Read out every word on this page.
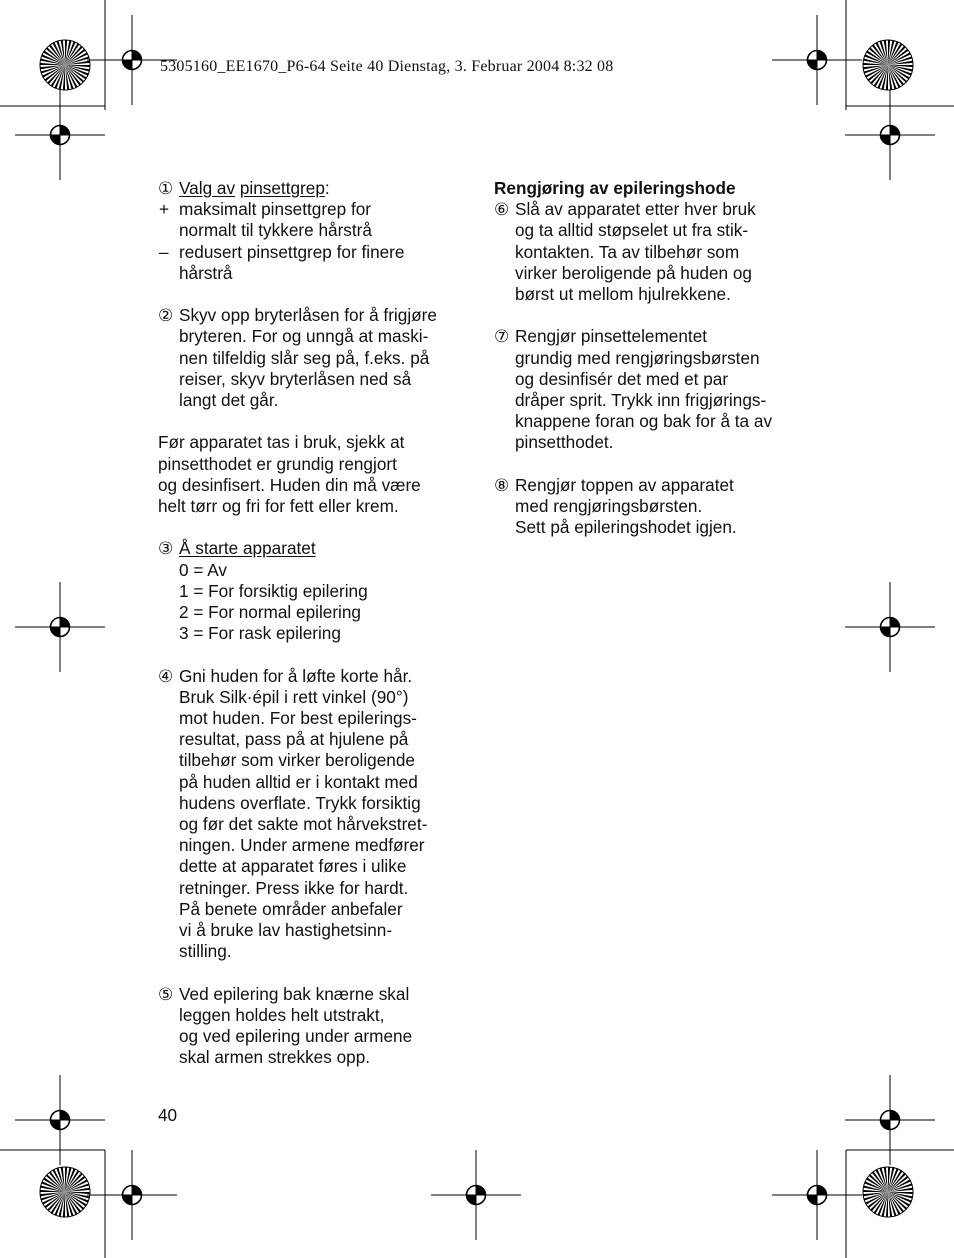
5305160_EE1670_P6-64 Seite 40 Dienstag, 3. Februar 2004 8:32 08
① Valg av pinsettgrep:
+ maksimalt pinsettgrep for
normalt til tykkere hårstrå
– redusert pinsettgrep for finere
hårstrå
② Skyv opp bryterlåsen for å frigjøre
bryteren. For og unngå at maski-
nen tilfeldig slår seg på, f.eks. på
reiser, skyv bryterlåsen ned så
langt det går.
Før apparatet tas i bruk, sjekk at
pinsetthodet er grundig rengjort
og desinfisert. Huden din må være
helt tørr og fri for fett eller krem.
③ Å starte apparatet
0 = Av
1 = For forsiktig epilering
2 = For normal epilering
3 = For rask epilering
④ Gni huden for å løfte korte hår.
Bruk Silk·épil i rett vinkel (90°)
mot huden. For best epilerings-
resultat, pass på at hjulene på
tilbehør som virker beroligende
på huden alltid er i kontakt med
hudens overflate. Trykk forsiktig
og før det sakte mot hårvekstret-
ningen. Under armene medfører
dette at apparatet føres i ulike
retninger. Press ikke for hardt.
På benete områder anbefaler
vi å bruke lav hastighetsinn-
stilling.
⑤ Ved epilering bak knærne skal
leggen holdes helt utstrakt,
og ved epilering under armene
skal armen strekkes opp.
Rengjøring av epileringshode
⑥ Slå av apparatet etter hver bruk
og ta alltid støpselet ut fra stik-
kontakten. Ta av tilbehør som
virker beroligende på huden og
børst ut mellom hjulrekkene.
⑦ Rengjør pinsettelementet
grundig med rengjøringsbørsten
og desinfisér det med et par
dråper sprit. Trykk inn frigjørings-
knappene foran og bak for å ta av
pinsetthodet.
⑧ Rengjør toppen av apparatet
med rengjøringsbørsten.
Sett på epileringshodet igjen.
40
